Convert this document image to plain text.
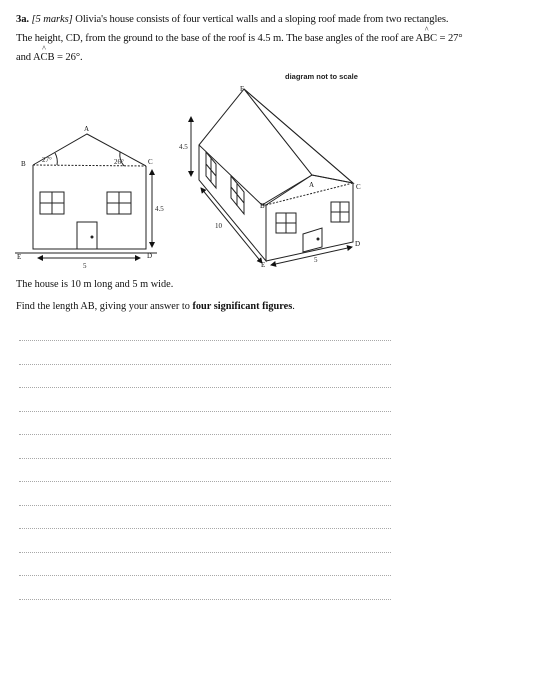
3a. [5 marks] Olivia's house consists of four vertical walls and a sloping roof made from two rectangles.
The height, CD, from the ground to the base of the roof is 4.5 m. The base angles of the roof are A^ BC = 27°
and A^ CB = 26°.
diagram not to scale
A
B	C
D
E
27°	26°
4.5
5
F
A
B
C
D
E
4.5
10
5
The house is 10 m long and 5 m wide.
Find the length AB, giving your answer to four significant figures.
